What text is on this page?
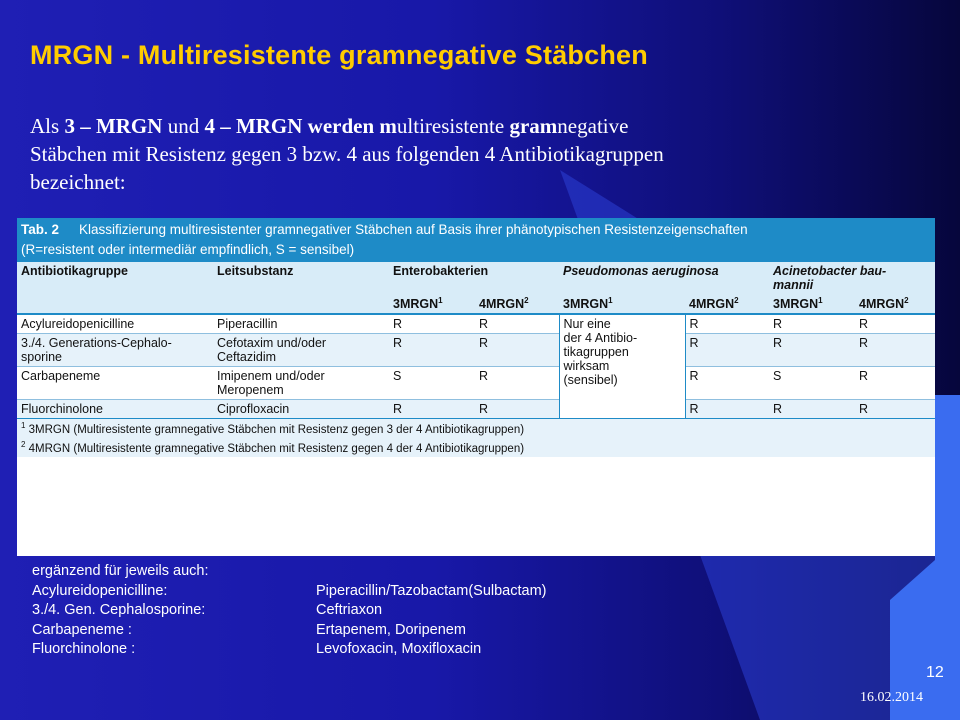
MRGN - Multiresistente gramnegative Stäbchen

Als 3 – MRGN und 4 – MRGN werden multiresistente gramnegative

Stäbchen mit Resistenz gegen 3 bzw. 4 aus folgenden 4 Antibiotikagruppen

bezeichnet:

Tab. 2 Klassifizierung multiresistenter gramnegativer Stäbchen auf Basis ihrer phänotypischen Resistenzeigenschaften
(R=resistent oder intermediär empfindlich, S = sensibel)
Antibiotikagruppe	Leitsubstanz	Enterobakterien		Pseudomonas aeruginosa		Acinetobacter bau-
mannii	
		3MRGN$^1$	4MRGN$^2$	3MRGN$^1$	4MRGN$^2$	3MRGN$^1$	4MRGN$^2$
Acylureidopenicilline	Piperacillin	R	R	Nur eine
der 4 Antibio-
tikagruppen
wirksam
(sensibel)	R	R	R
3./4. Generations-Cephalo-
sporine	Cefotaxim und/oder
Ceftazidim	R	R		R	R	R
Carbapeneme	Imipenem und/oder
Meropenem	S	R		R	S	R
Fluorchinolone	Ciprofloxacin	R	R		R	R	R
$^1$ 3MRGN (Multiresistente gramnegative Stäbchen mit Resistenz gegen 3 der 4 Antibiotikagruppen)							
$^2$ 4MRGN (Multiresistente gramnegative Stäbchen mit Resistenz gegen 4 der 4 Antibiotikagruppen)							
ergänzend für jeweils auch:
Acylureidopenicilline:	Piperacillin/Tazobactam(Sulbactam)
3./4. Gen. Cephalosporine:	Ceftriaxon
Carbapeneme :	Ertapenem, Doripenem
Fluorchinolone :	Levofoxacin, Moxifloxacin
12
16.02.2014
